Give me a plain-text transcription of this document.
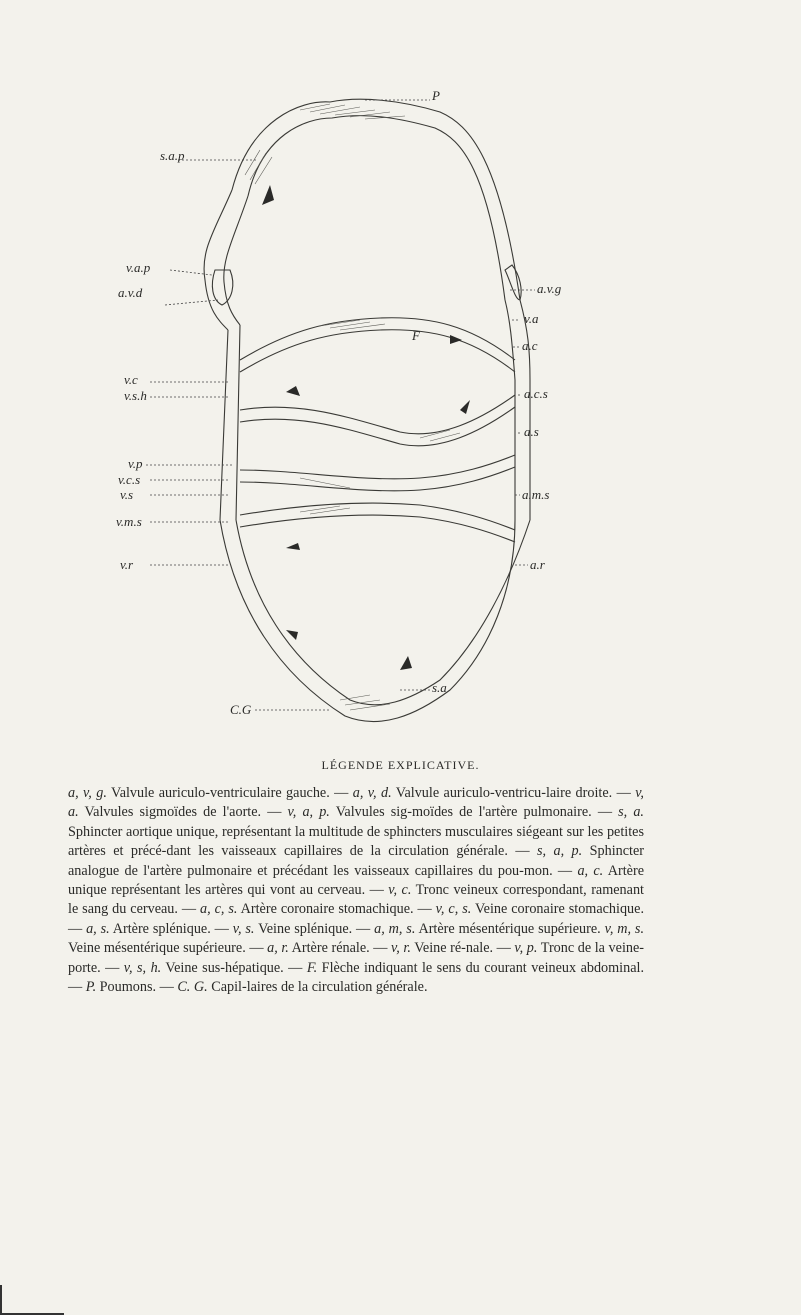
s.a.p
P
v.a.p
a.v.d	a.v.g
v.a
a.c
v.c
v.s.h	a.c.s
a.s
v.p
v.c.s
v.s	a.m.s
v.m.s
v.r	a.r
F
C.G
s.a
LÉGENDE EXPLICATIVE.
a, v, g. Valvule auriculo-ventriculaire gauche. — a, v, d. Valvule auriculo-ventricu-laire droite. — v, a. Valvules sigmoïdes de l'aorte. — v, a, p. Valvules sig-moïdes de l'artère pulmonaire. — s, a. Sphincter aortique unique, représentant la multitude de sphincters musculaires siégeant sur les petites artères et précé-dant les vaisseaux capillaires de la circulation générale. — s, a, p. Sphincter analogue de l'artère pulmonaire et précédant les vaisseaux capillaires du pou-mon. — a, c. Artère unique représentant les artères qui vont au cerveau. — v, c. Tronc veineux correspondant, ramenant le sang du cerveau. — a, c, s. Artère coronaire stomachique. — v, c, s. Veine coronaire stomachique. — a, s. Artère splénique. — v, s. Veine splénique. — a, m, s. Artère mésentérique supérieure. v, m, s. Veine mésentérique supérieure. — a, r. Artère rénale. — v, r. Veine ré-nale. — v, p. Tronc de la veine-porte. — v, s, h. Veine sus-hépatique. — F. Flèche indiquant le sens du courant veineux abdominal. — P. Poumons. — C. G. Capil-laires de la circulation générale.
